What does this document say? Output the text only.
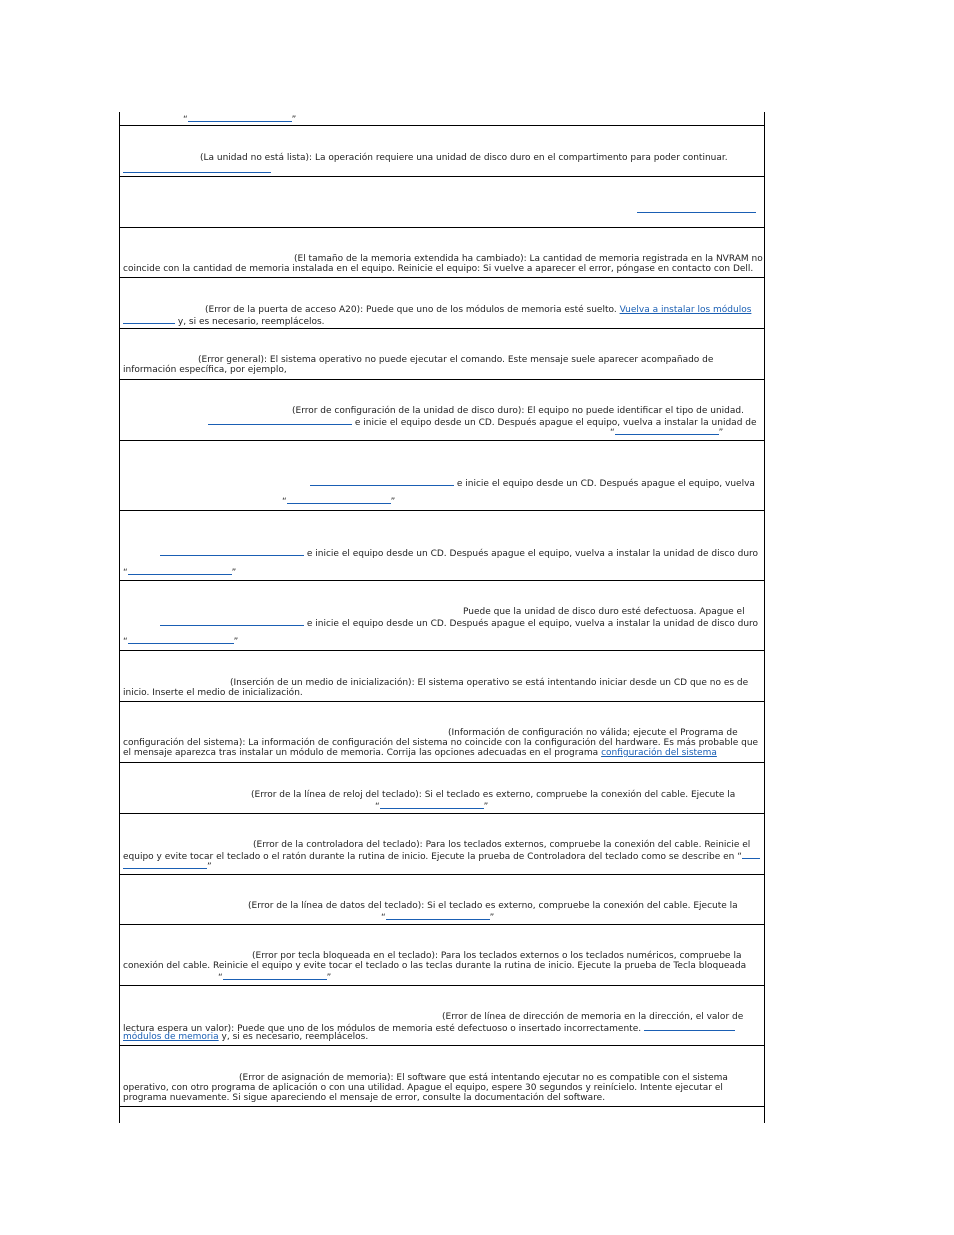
“	”
(La unidad no está lista): La operación requiere una unidad de disco duro en el compartimento para poder continuar.
(El tamaño de la memoria extendida ha cambiado): La cantidad de memoria registrada en la NVRAM no
coincide con la cantidad de memoria instalada en el equipo. Reinicie el equipo: Si vuelve a aparecer el error, póngase en contacto con Dell.
(Error de la puerta de acceso A20): Puede que uno de los módulos de memoria esté suelto. Vuelva a instalar los módulos
y, si es necesario, reemplácelos.
(Error general): El sistema operativo no puede ejecutar el comando. Este mensaje suele aparecer acompañado de
información específica, por ejemplo,
(Error de configuración de la unidad de disco duro): El equipo no puede identificar el tipo de unidad.
e inicie el equipo desde un CD. Después apague el equipo, vuelva a instalar la unidad de
“	”
e inicie el equipo desde un CD. Después apague el equipo, vuelva
“	”
e inicie el equipo desde un CD. Después apague el equipo, vuelva a instalar la unidad de disco duro
“	”
Puede que la unidad de disco duro esté defectuosa. Apague el
e inicie el equipo desde un CD. Después apague el equipo, vuelva a instalar la unidad de disco duro
“	”
(Inserción de un medio de inicialización): El sistema operativo se está intentando iniciar desde un CD que no es de
inicio. Inserte el medio de inicialización.
(Información de configuración no válida; ejecute el Programa de
configuración del sistema): La información de configuración del sistema no coincide con la configuración del hardware. Es más probable que
el mensaje aparezca tras instalar un módulo de memoria. Corrija las opciones adecuadas en el programa configuración del sistema
(Error de la línea de reloj del teclado): Si el teclado es externo, compruebe la conexión del cable. Ejecute la
“	”
(Error de la controladora del teclado): Para los teclados externos, compruebe la conexión del cable. Reinicie el
equipo y evite tocar el teclado o el ratón durante la rutina de inicio. Ejecute la prueba de Controladora del teclado como se describe en “
”
(Error de la línea de datos del teclado): Si el teclado es externo, compruebe la conexión del cable. Ejecute la
“	”
(Error por tecla bloqueada en el teclado): Para los teclados externos o los teclados numéricos, compruebe la
conexión del cable. Reinicie el equipo y evite tocar el teclado o las teclas durante la rutina de inicio. Ejecute la prueba de Tecla bloqueada
“	”
(Error de línea de dirección de memoria en la dirección, el valor de
lectura espera un valor): Puede que uno de los módulos de memoria esté defectuoso o insertado incorrectamente.
módulos de memoria y, si es necesario, reemplácelos.
(Error de asignación de memoria): El software que está intentando ejecutar no es compatible con el sistema
operativo, con otro programa de aplicación o con una utilidad. Apague el equipo, espere 30 segundos y reinícielo. Intente ejecutar el
programa nuevamente. Si sigue apareciendo el mensaje de error, consulte la documentación del software.
